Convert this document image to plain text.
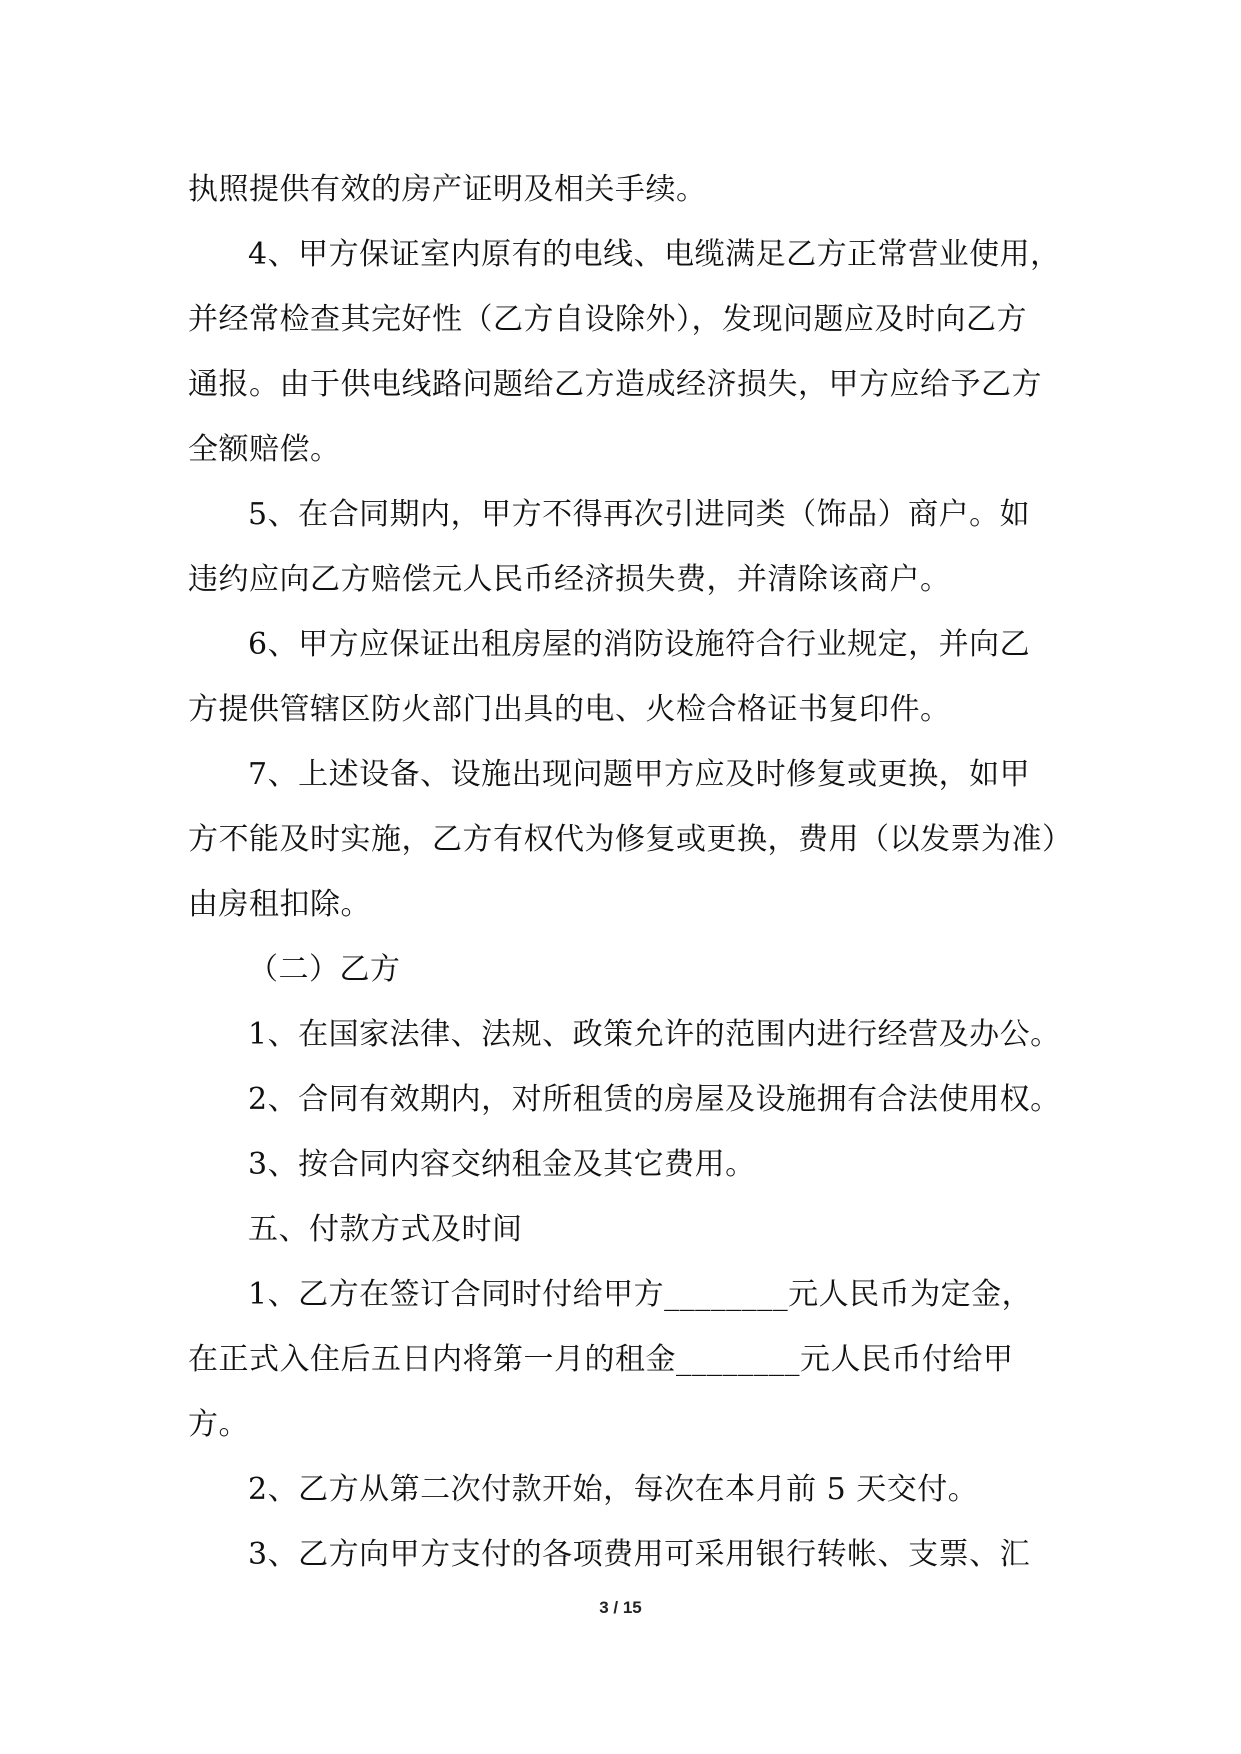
执照提供有效的房产证明及相关手续。
4、甲方保证室内原有的电线、电缆满足乙方正常营业使用，
并经常检查其完好性（乙方自设除外），发现问题应及时向乙方
通报。由于供电线路问题给乙方造成经济损失，甲方应给予乙方
全额赔偿。
5、在合同期内，甲方不得再次引进同类（饰品）商户。如
违约应向乙方赔偿元人民币经济损失费，并清除该商户。
6、甲方应保证出租房屋的消防设施符合行业规定，并向乙
方提供管辖区防火部门出具的电、火检合格证书复印件。
7、上述设备、设施出现问题甲方应及时修复或更换，如甲
方不能及时实施，乙方有权代为修复或更换，费用（以发票为准）
由房租扣除。
（二）乙方
1、在国家法律、法规、政策允许的范围内进行经营及办公。
2、合同有效期内，对所租赁的房屋及设施拥有合法使用权。
3、按合同内容交纳租金及其它费用。
五、付款方式及时间
1、乙方在签订合同时付给甲方________元人民币为定金，
在正式入住后五日内将第一月的租金________元人民币付给甲
方。
2、乙方从第二次付款开始，每次在本月前 5 天交付。
3、乙方向甲方支付的各项费用可采用银行转帐、支票、汇
3 / 15
